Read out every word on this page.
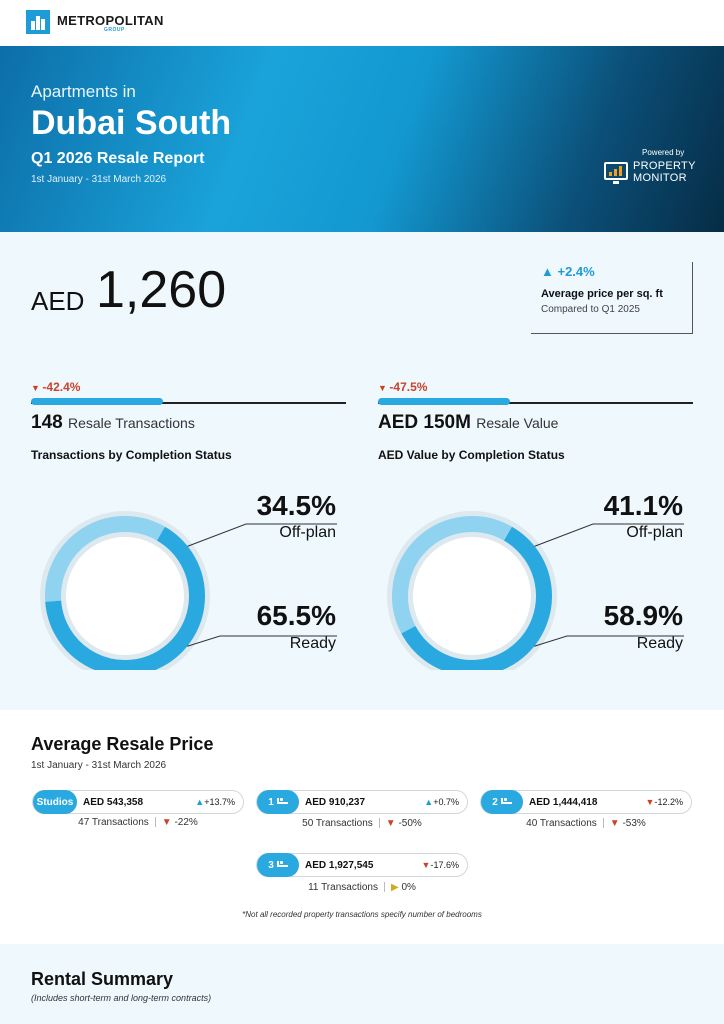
METROPOLITAN
GROUP
Apartments in
Dubai South
Q1 2026 Resale Report
1st January - 31st March 2026
Powered by
PROPERTY
MONITOR
AED 1,260	▲ +2.4%
Average price per sq. ft
Compared to Q1 2025
▼ -42.4%
148 Resale Transactions
▼ -47.5%
AED 150M Resale Value
Transactions by Completion Status	AED Value by Completion Status
34.5%
Off-plan
65.5%
Ready
41.1%
Off-plan
58.9%
Ready
Average Resale Price
1st January - 31st March 2026
Studios AED 543,358	▲+13.7%
47 Transactions ▼ -22%
1	AED 910,237	▲+0.7%
50 Transactions ▼ -50%
2	AED 1,444,418	▼-12.2%
40 Transactions ▼ -53%
3	AED 1,927,545	▼-17.6%
11 Transactions ▶ 0%
*Not all recorded property transactions specify number of bedrooms
Rental Summary
(Includes short-term and long-term contracts)
